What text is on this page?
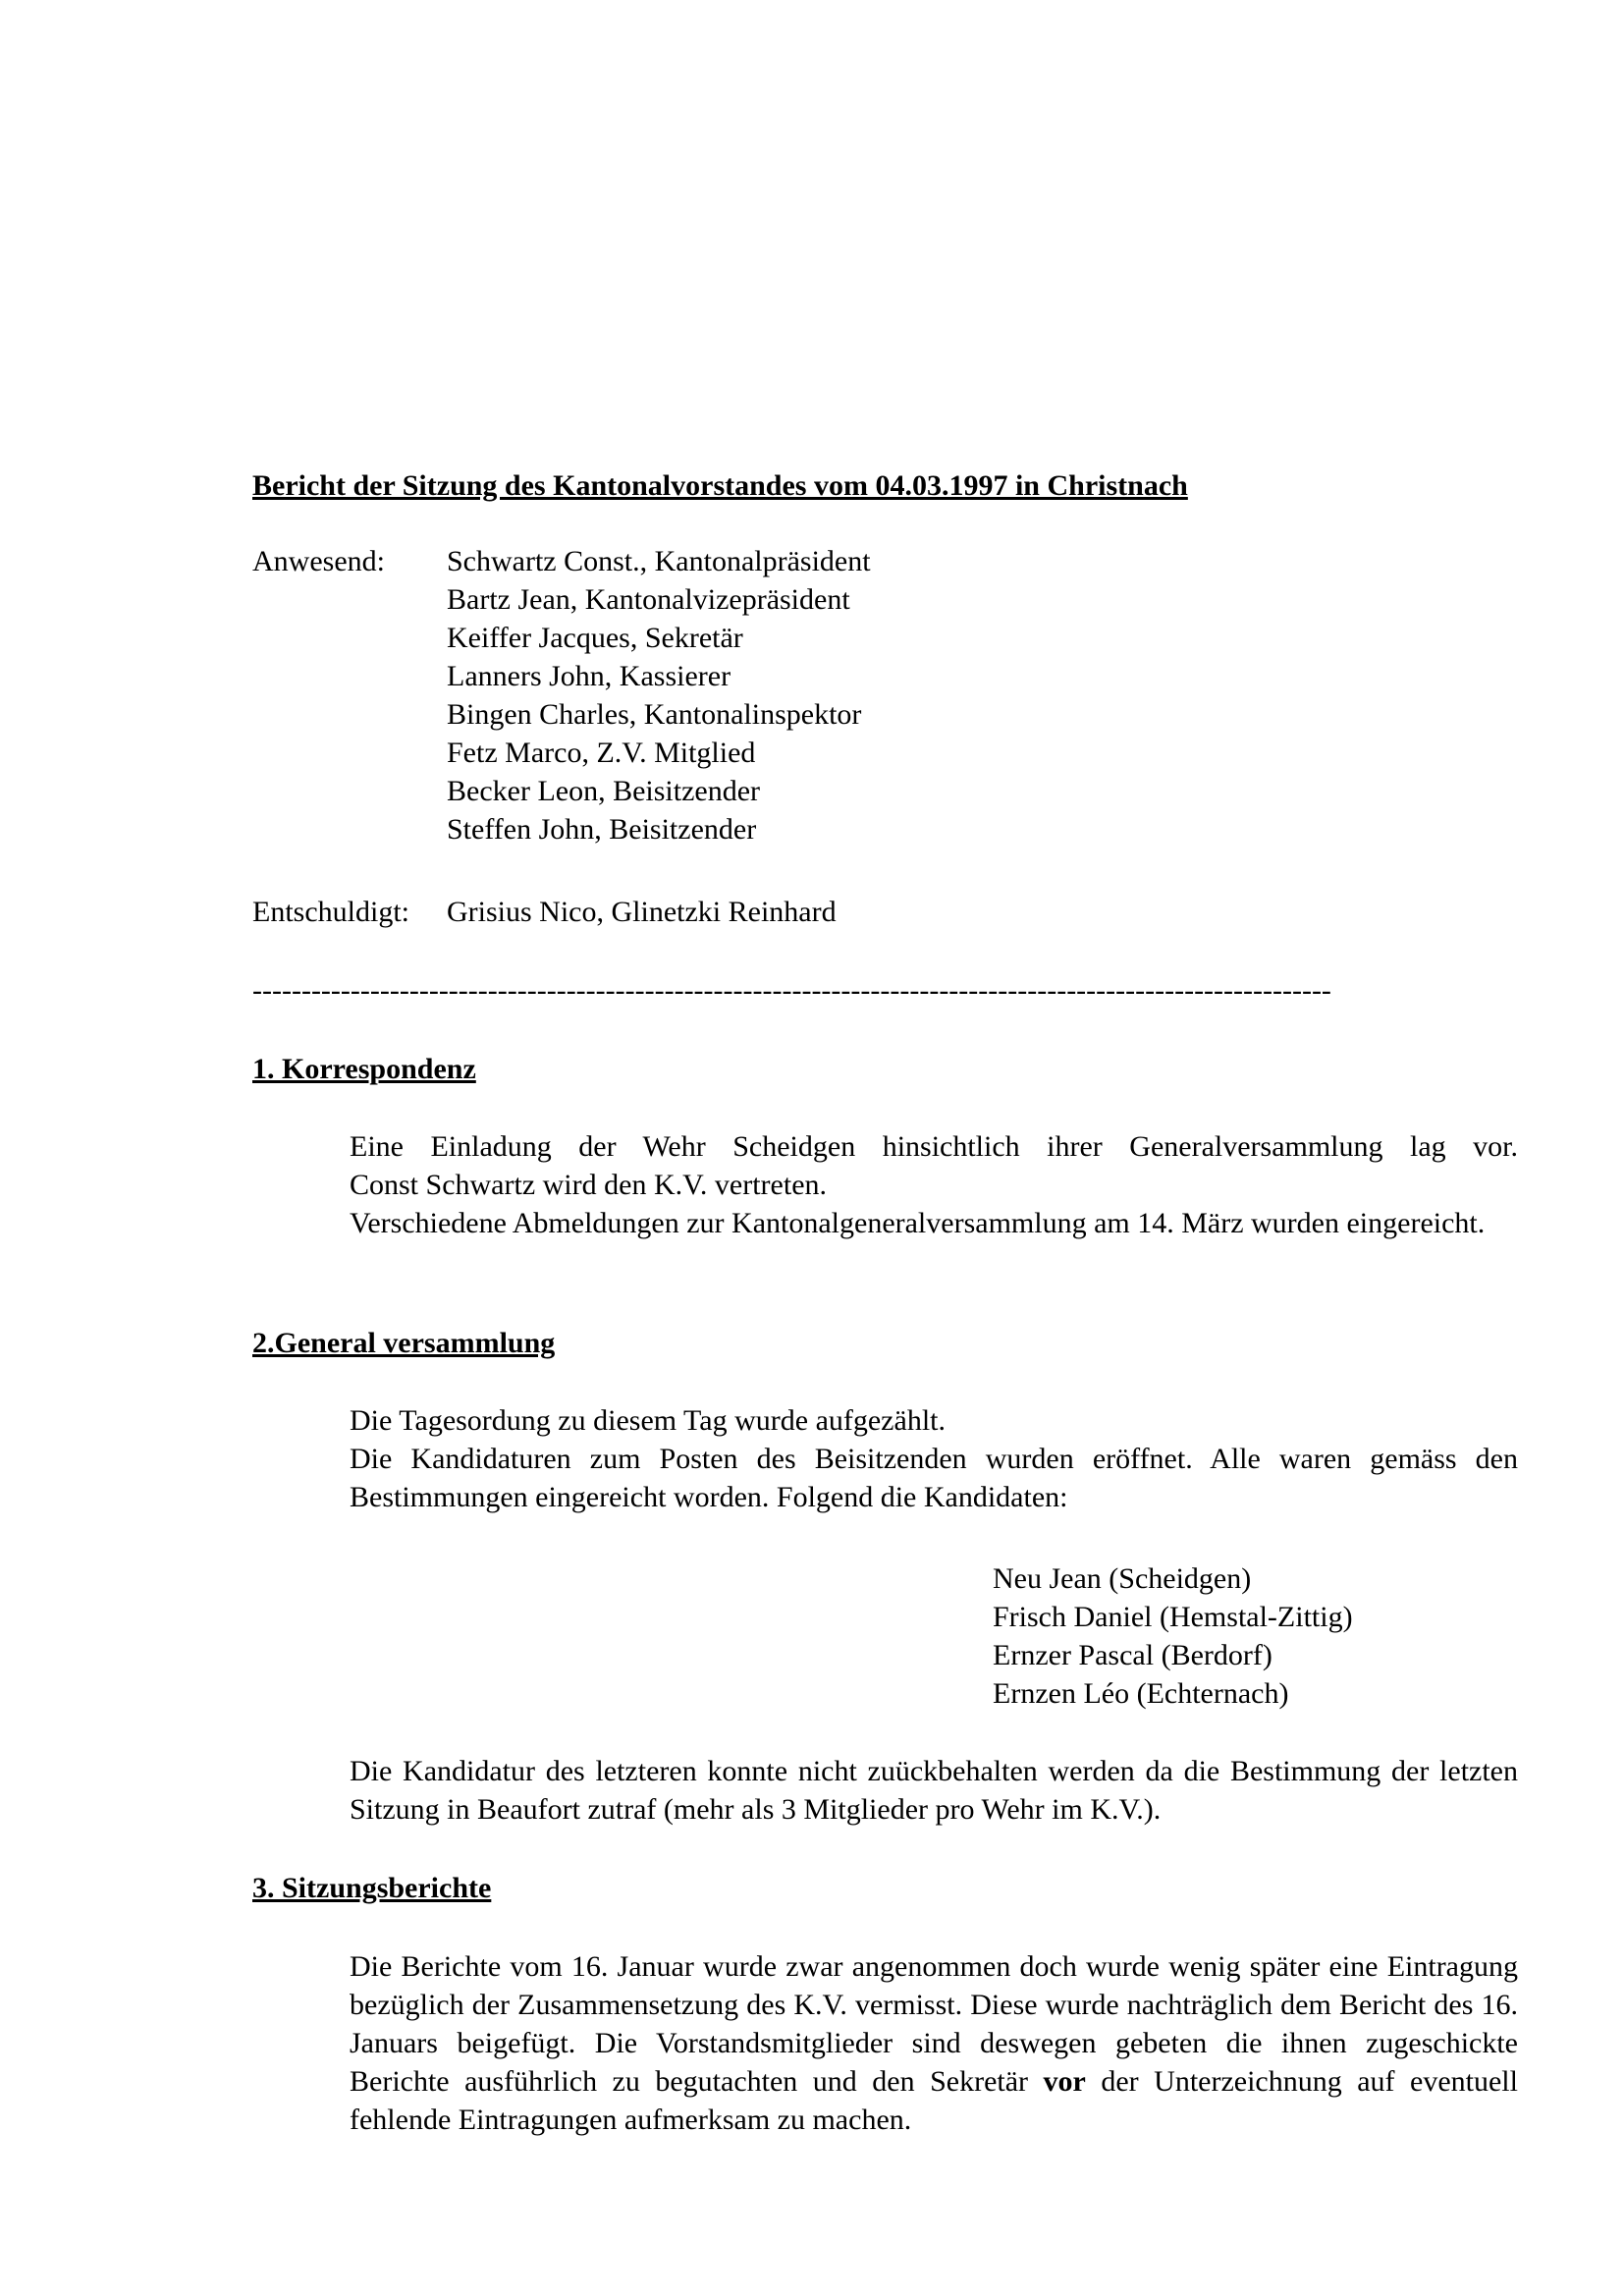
Bericht der Sitzung des Kantonalvorstandes vom 04.03.1997 in Christnach
Anwesend:	Schwartz Const., Kantonalpräsident
Bartz Jean, Kantonalvizepräsident
Keiffer Jacques, Sekretär
Lanners John, Kassierer
Bingen Charles, Kantonalinspektor
Fetz Marco, Z.V. Mitglied
Becker Leon, Beisitzender
Steffen John, Beisitzender
Entschuldigt:	Grisius Nico, Glinetzki Reinhard
--------------------------------------------------------------------------------------------------------------
1. Korrespondenz

Eine Einladung der Wehr Scheidgen hinsichtlich ihrer Generalversammlung lag vor.

Const Schwartz wird den K.V. vertreten.

Verschiedene Abmeldungen zur Kantonalgeneralversammlung am 14. März wurden eingereicht.

2.General versammlung

Die Tagesordung zu diesem Tag wurde aufgezählt.

Die Kandidaturen zum Posten des Beisitzenden wurden eröffnet. Alle waren gemäss den Bestimmungen eingereicht worden. Folgend die Kandidaten:

Neu Jean (Scheidgen)
Frisch Daniel (Hemstal-Zittig)
Ernzer Pascal (Berdorf)
Ernzen Léo (Echternach)
Die Kandidatur des letzteren konnte nicht zuückbehalten werden da die Bestimmung der letzten Sitzung in Beaufort zutraf (mehr als 3 Mitglieder pro Wehr im K.V.).
3. Sitzungsberichte
Die Berichte vom 16. Januar wurde zwar angenommen doch wurde wenig später eine Eintragung bezüglich der Zusammensetzung des K.V. vermisst. Diese wurde nachträglich dem Bericht des 16. Januars beigefügt. Die Vorstandsmitglieder sind deswegen gebeten die ihnen zugeschickte Berichte ausführlich zu begutachten und den Sekretär vor der Unterzeichnung auf eventuell fehlende Eintragungen aufmerksam zu machen.
